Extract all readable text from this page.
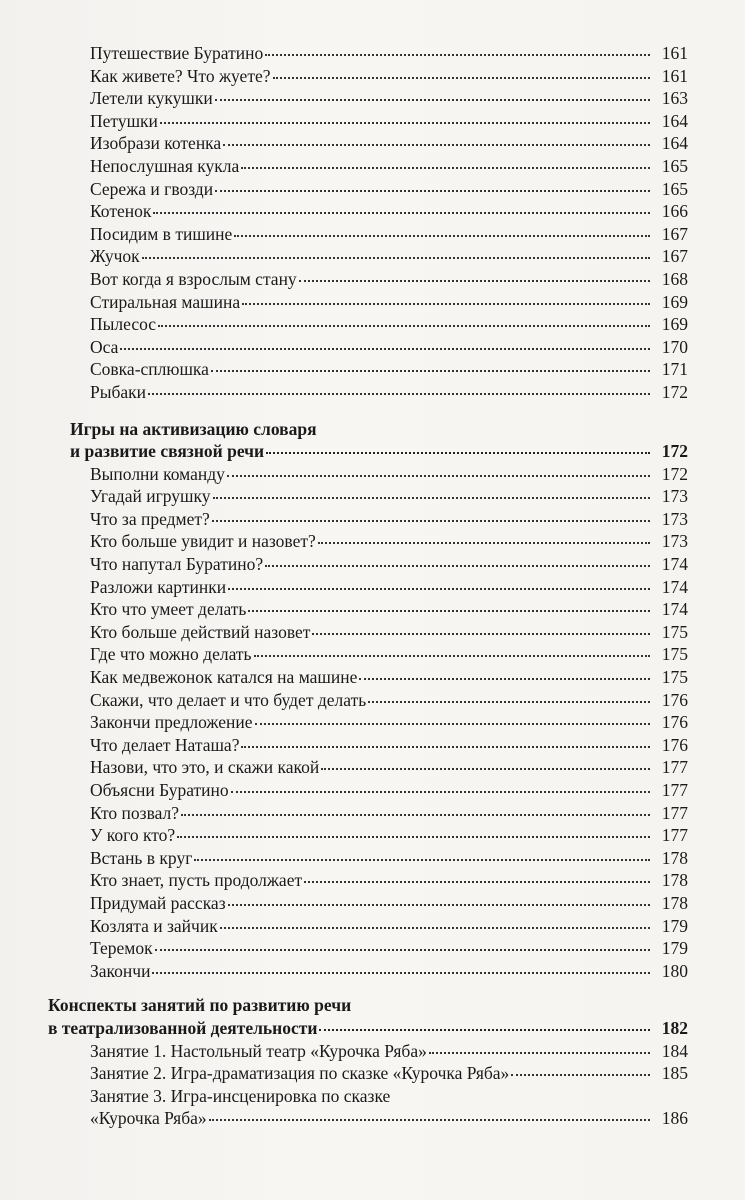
Путешествие Буратино	161
Как живете? Что жуете?	161
Летели кукушки	163
Петушки	164
Изобрази котенка	164
Непослушная кукла	165
Сережа и гвозди	165
Котенок	166
Посидим в тишине	167
Жучок	167
Вот когда я взрослым стану	168
Стиральная машина	169
Пылесос	169
Оса	170
Совка-сплюшка	171
Рыбаки	172
Игры на активизацию словаря
и развитие связной речи	172
Выполни команду	172
Угадай игрушку	173
Что за предмет?	173
Кто больше увидит и назовет?	173
Что напутал Буратино?	174
Разложи картинки	174
Кто что умеет делать	174
Кто больше действий назовет	175
Где что можно делать	175
Как медвежонок катался на машине	175
Скажи, что делает и что будет делать	176
Закончи предложение	176
Что делает Наташа?	176
Назови, что это, и скажи какой	177
Объясни Буратино	177
Кто позвал?	177
У кого кто?	177
Встань в круг	178
Кто знает, пусть продолжает	178
Придумай рассказ	178
Козлята и зайчик	179
Теремок	179
Закончи	180
Конспекты занятий по развитию речи
в театрализованной деятельности	182
Занятие 1. Настольный театр «Курочка Ряба»	184
Занятие 2. Игра-драматизация по сказке «Курочка Ряба»	185
Занятие 3. Игра-инсценировка по сказке
«Курочка Ряба»	186
